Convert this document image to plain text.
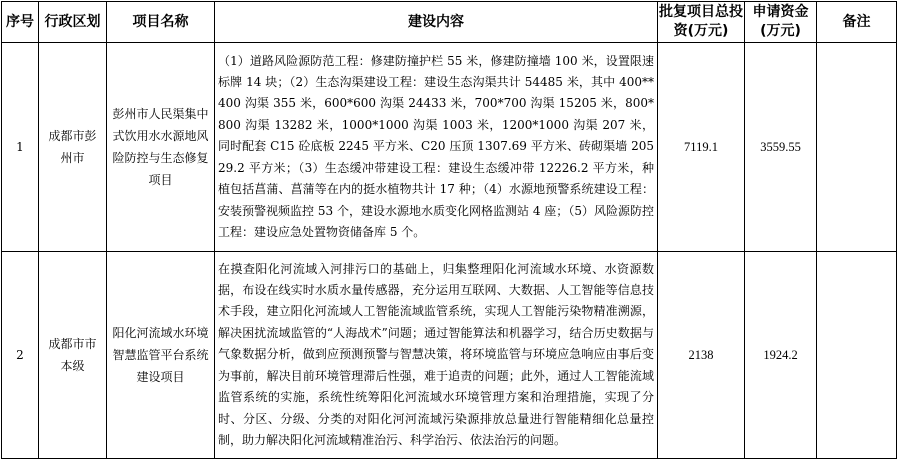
序号	行政区划	项目名称	建设内容	批复项目总投资(万元)	申请资金(万元)	备注
1	成都市彭州市	彭州市人民渠集中式饮用水水源地风险防控与生态修复项目	（1）道路风险源防范工程：修建防撞护栏 55 米，修建防撞墙 100 米，设置限速标牌 14 块；（2）生态沟渠建设工程：建设生态沟渠共计 54485 米，其中 400**400 沟渠 355 米，600*600 沟渠 24433 米，700*700 沟渠 15205 米，800*800 沟渠 13282 米，1000*1000 沟渠 1003 米，1200*1000 沟渠 207 米，同时配套 C15 砼底板 2245 平方米、C20 压顶 1307.69 平方米、砖砌渠墙 20529.2 平方米；（3）生态缓冲带建设工程：建设生态缓冲带 12226.2 平方米，种植包括菖蒲、菖蒲等在内的挺水植物共计 17 种；（4）水源地预警系统建设工程：安装预警视频监控 53 个，建设水源地水质变化网格监测站 4 座；（5）风险源防控工程：建设应急处置物资储备库 5 个。	7119.1	3559.55	
2	成都市市本级	阳化河流域水环境智慧监管平台系统建设项目	在摸查阳化河流域入河排污口的基础上，归集整理阳化河流域水环境、水资源数据，布设在线实时水质水量传感器，充分运用互联网、大数据、人工智能等信息技术手段，建立阳化河流域人工智能流域监管系统，实现人工智能污染物精准溯源，解决困扰流域监管的“人海战术”问题；通过智能算法和机器学习，结合历史数据与气象数据分析，做到应预测预警与智慧决策，将环境监管与环境应急响应由事后变为事前，解决目前环境管理滞后性强，难于追责的问题；此外，通过人工智能流域监管系统的实施，系统性统筹阳化河流域水环境管理方案和治理措施，实现了分时、分区、分级、分类的对阳化河河流域污染源排放总量进行智能精细化总量控制，助力解决阳化河流域精准治污、科学治污、依法治污的问题。	2138	1924.2	
